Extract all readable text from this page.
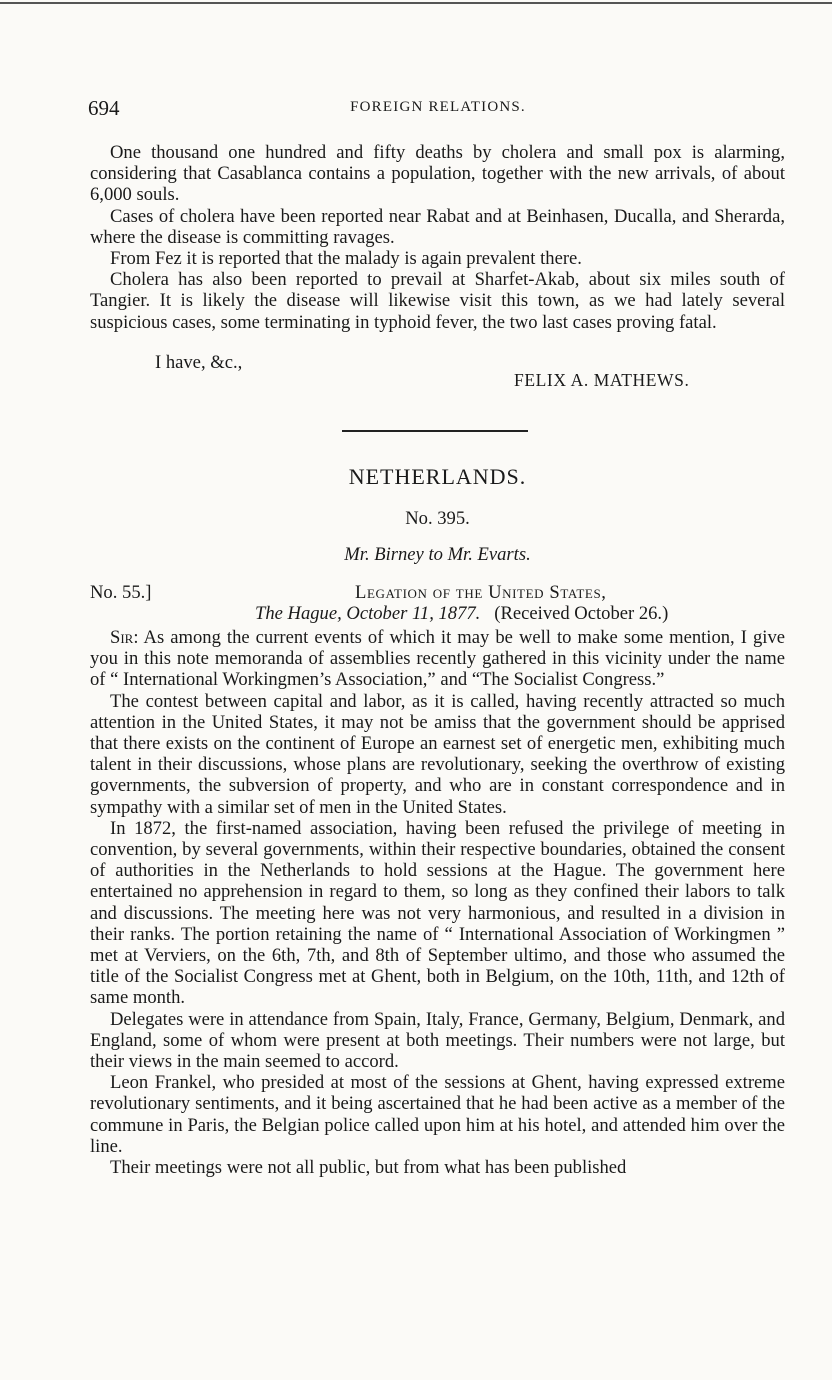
694	FOREIGN RELATIONS.

One thousand one hundred and fifty deaths by cholera and small pox is alarming, considering that Casablanca contains a population, together with the new arrivals, of about 6,000 souls.

Cases of cholera have been reported near Rabat and at Beinhasen, Ducalla, and Sherarda, where the disease is committing ravages.

From Fez it is reported that the malady is again prevalent there.

Cholera has also been reported to prevail at Sharfet-Akab, about six miles south of Tangier. It is likely the disease will likewise visit this town, as we had lately several suspicious cases, some terminating in typhoid fever, the two last cases proving fatal.

I have, &c.,
FELIX A. MATHEWS.
NETHERLANDS.
No. 395.
Mr. Birney to Mr. Evarts.
No. 55.]	Legation of the United States,
The Hague, October 11, 1877. (Received October 26.)

Sir: As among the current events of which it may be well to make some mention, I give you in this note memoranda of assemblies recently gathered in this vicinity under the name of “ International Workingmen’s Association,” and “The Socialist Congress.”

The contest between capital and labor, as it is called, having recently attracted so much attention in the United States, it may not be amiss that the government should be apprised that there exists on the continent of Europe an earnest set of energetic men, exhibiting much talent in their discussions, whose plans are revolutionary, seeking the overthrow of existing governments, the subversion of property, and who are in constant correspondence and in sympathy with a similar set of men in the United States.

In 1872, the first-named association, having been refused the privilege of meeting in convention, by several governments, within their respective boundaries, obtained the consent of authorities in the Netherlands to hold sessions at the Hague. The government here entertained no apprehension in regard to them, so long as they confined their labors to talk and discussions. The meeting here was not very harmonious, and resulted in a division in their ranks. The portion retaining the name of “ International Association of Workingmen ” met at Verviers, on the 6th, 7th, and 8th of September ultimo, and those who assumed the title of the Socialist Congress met at Ghent, both in Belgium, on the 10th, 11th, and 12th of same month.

Delegates were in attendance from Spain, Italy, France, Germany, Belgium, Denmark, and England, some of whom were present at both meetings. Their numbers were not large, but their views in the main seemed to accord.

Leon Frankel, who presided at most of the sessions at Ghent, having expressed extreme revolutionary sentiments, and it being ascertained that he had been active as a member of the commune in Paris, the Belgian police called upon him at his hotel, and attended him over the line.

Their meetings were not all public, but from what has been published
